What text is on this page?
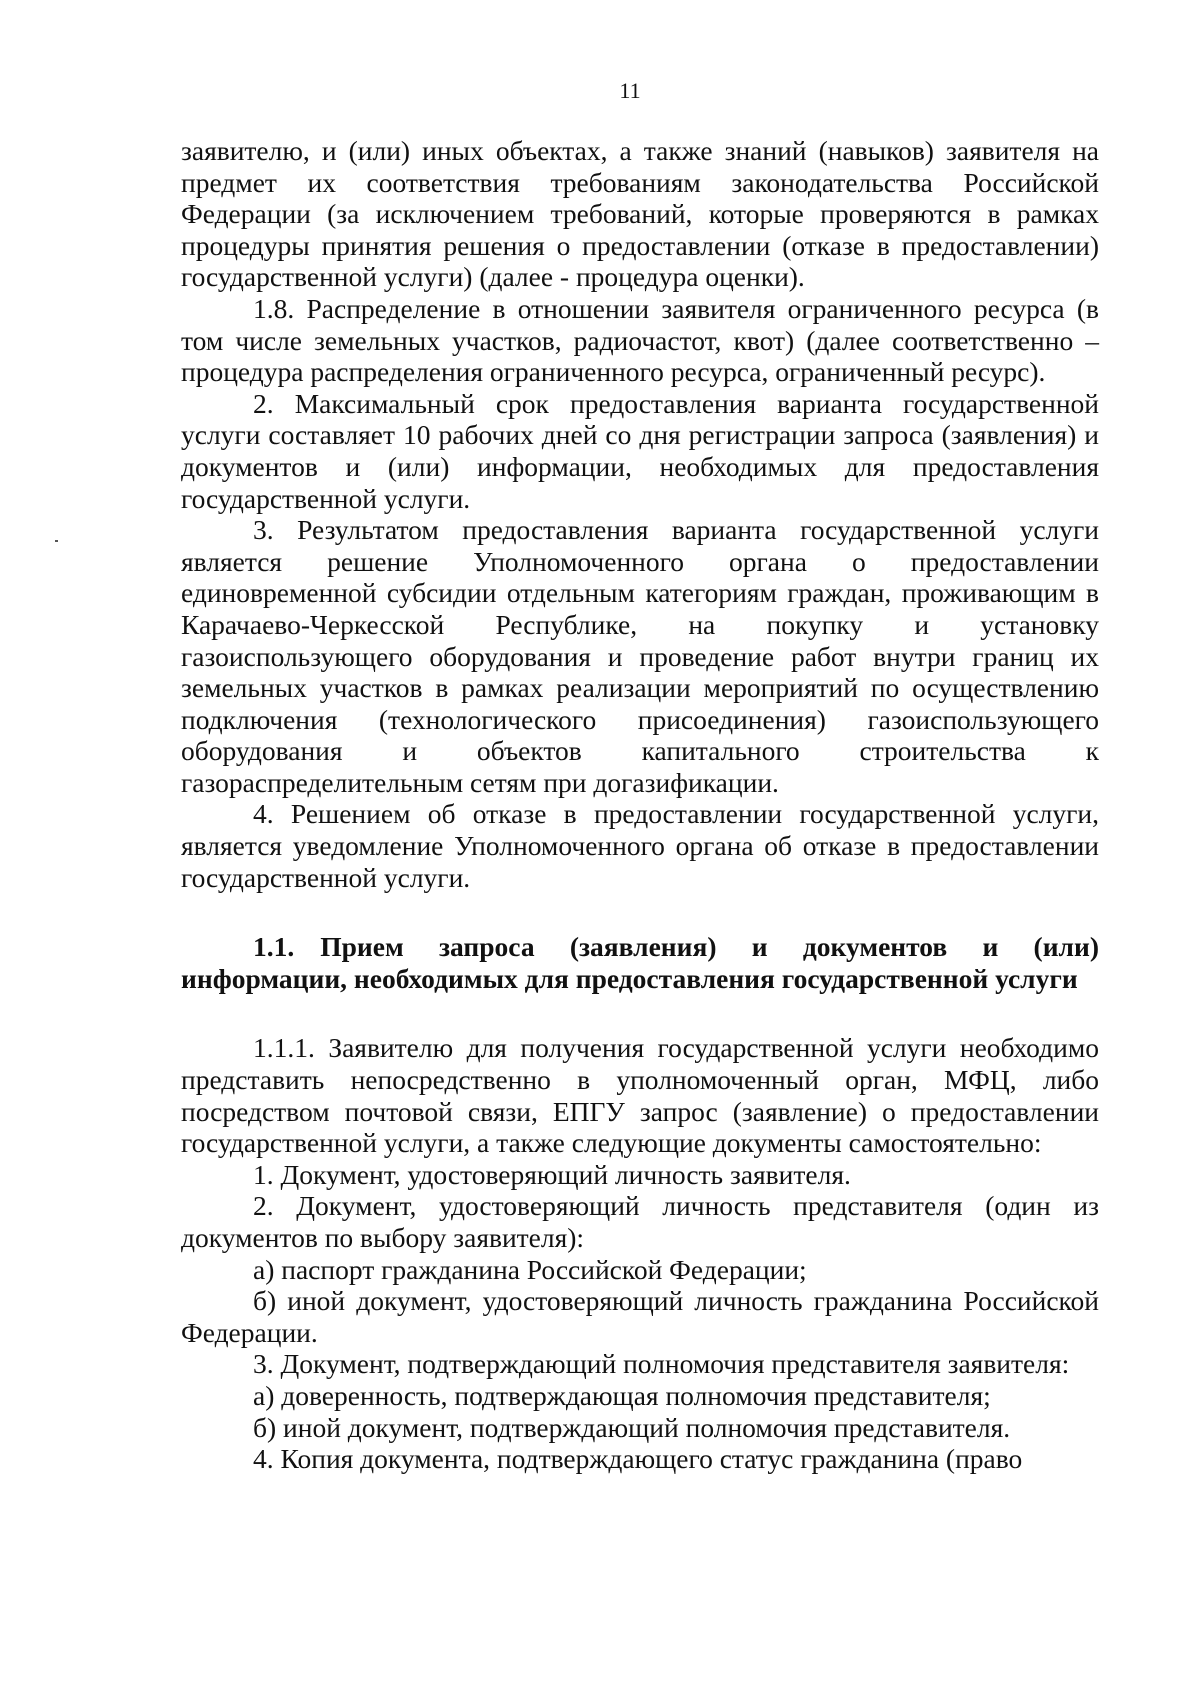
11

заявителю, и (или) иных объектах, а также знаний (навыков) заявителя на предмет их соответствия требованиям законодательства Российской Федерации (за исключением требований, которые проверяются в рамках процедуры принятия решения о предоставлении (отказе в предоставлении) государственной услуги) (далее - процедура оценки).

1.8. Распределение в отношении заявителя ограниченного ресурса (в том числе земельных участков, радиочастот, квот) (далее соответственно – процедура распределения ограниченного ресурса, ограниченный ресурс).

2. Максимальный срок предоставления варианта государственной услуги составляет 10 рабочих дней со дня регистрации запроса (заявления) и документов и (или) информации, необходимых для предоставления государственной услуги.

3. Результатом предоставления варианта государственной услуги является решение Уполномоченного органа о предоставлении единовременной субсидии отдельным категориям граждан, проживающим в Карачаево-Черкесской Республике, на покупку и установку газоиспользующего оборудования и проведение работ внутри границ их земельных участков в рамках реализации мероприятий по осуществлению подключения (технологического присоединения) газоиспользующего оборудования и объектов капитального строительства к газораспределительным сетям при догазификации.

4. Решением об отказе в предоставлении государственной услуги, является уведомление Уполномоченного органа об отказе в предоставлении государственной услуги.

1.1. Прием запроса (заявления) и документов и (или) информации, необходимых для предоставления государственной услуги

1.1.1. Заявителю для получения государственной услуги необходимо представить непосредственно в уполномоченный орган, МФЦ, либо посредством почтовой связи, ЕПГУ запрос (заявление) о предоставлении государственной услуги, а также следующие документы самостоятельно:

1. Документ, удостоверяющий личность заявителя.

2. Документ, удостоверяющий личность представителя (один из документов по выбору заявителя):

а) паспорт гражданина Российской Федерации;

б) иной документ, удостоверяющий личность гражданина Российской Федерации.

3. Документ, подтверждающий полномочия представителя заявителя:

а) доверенность, подтверждающая полномочия представителя;

б) иной документ, подтверждающий полномочия представителя.

4. Копия документа, подтверждающего статус гражданина (право
